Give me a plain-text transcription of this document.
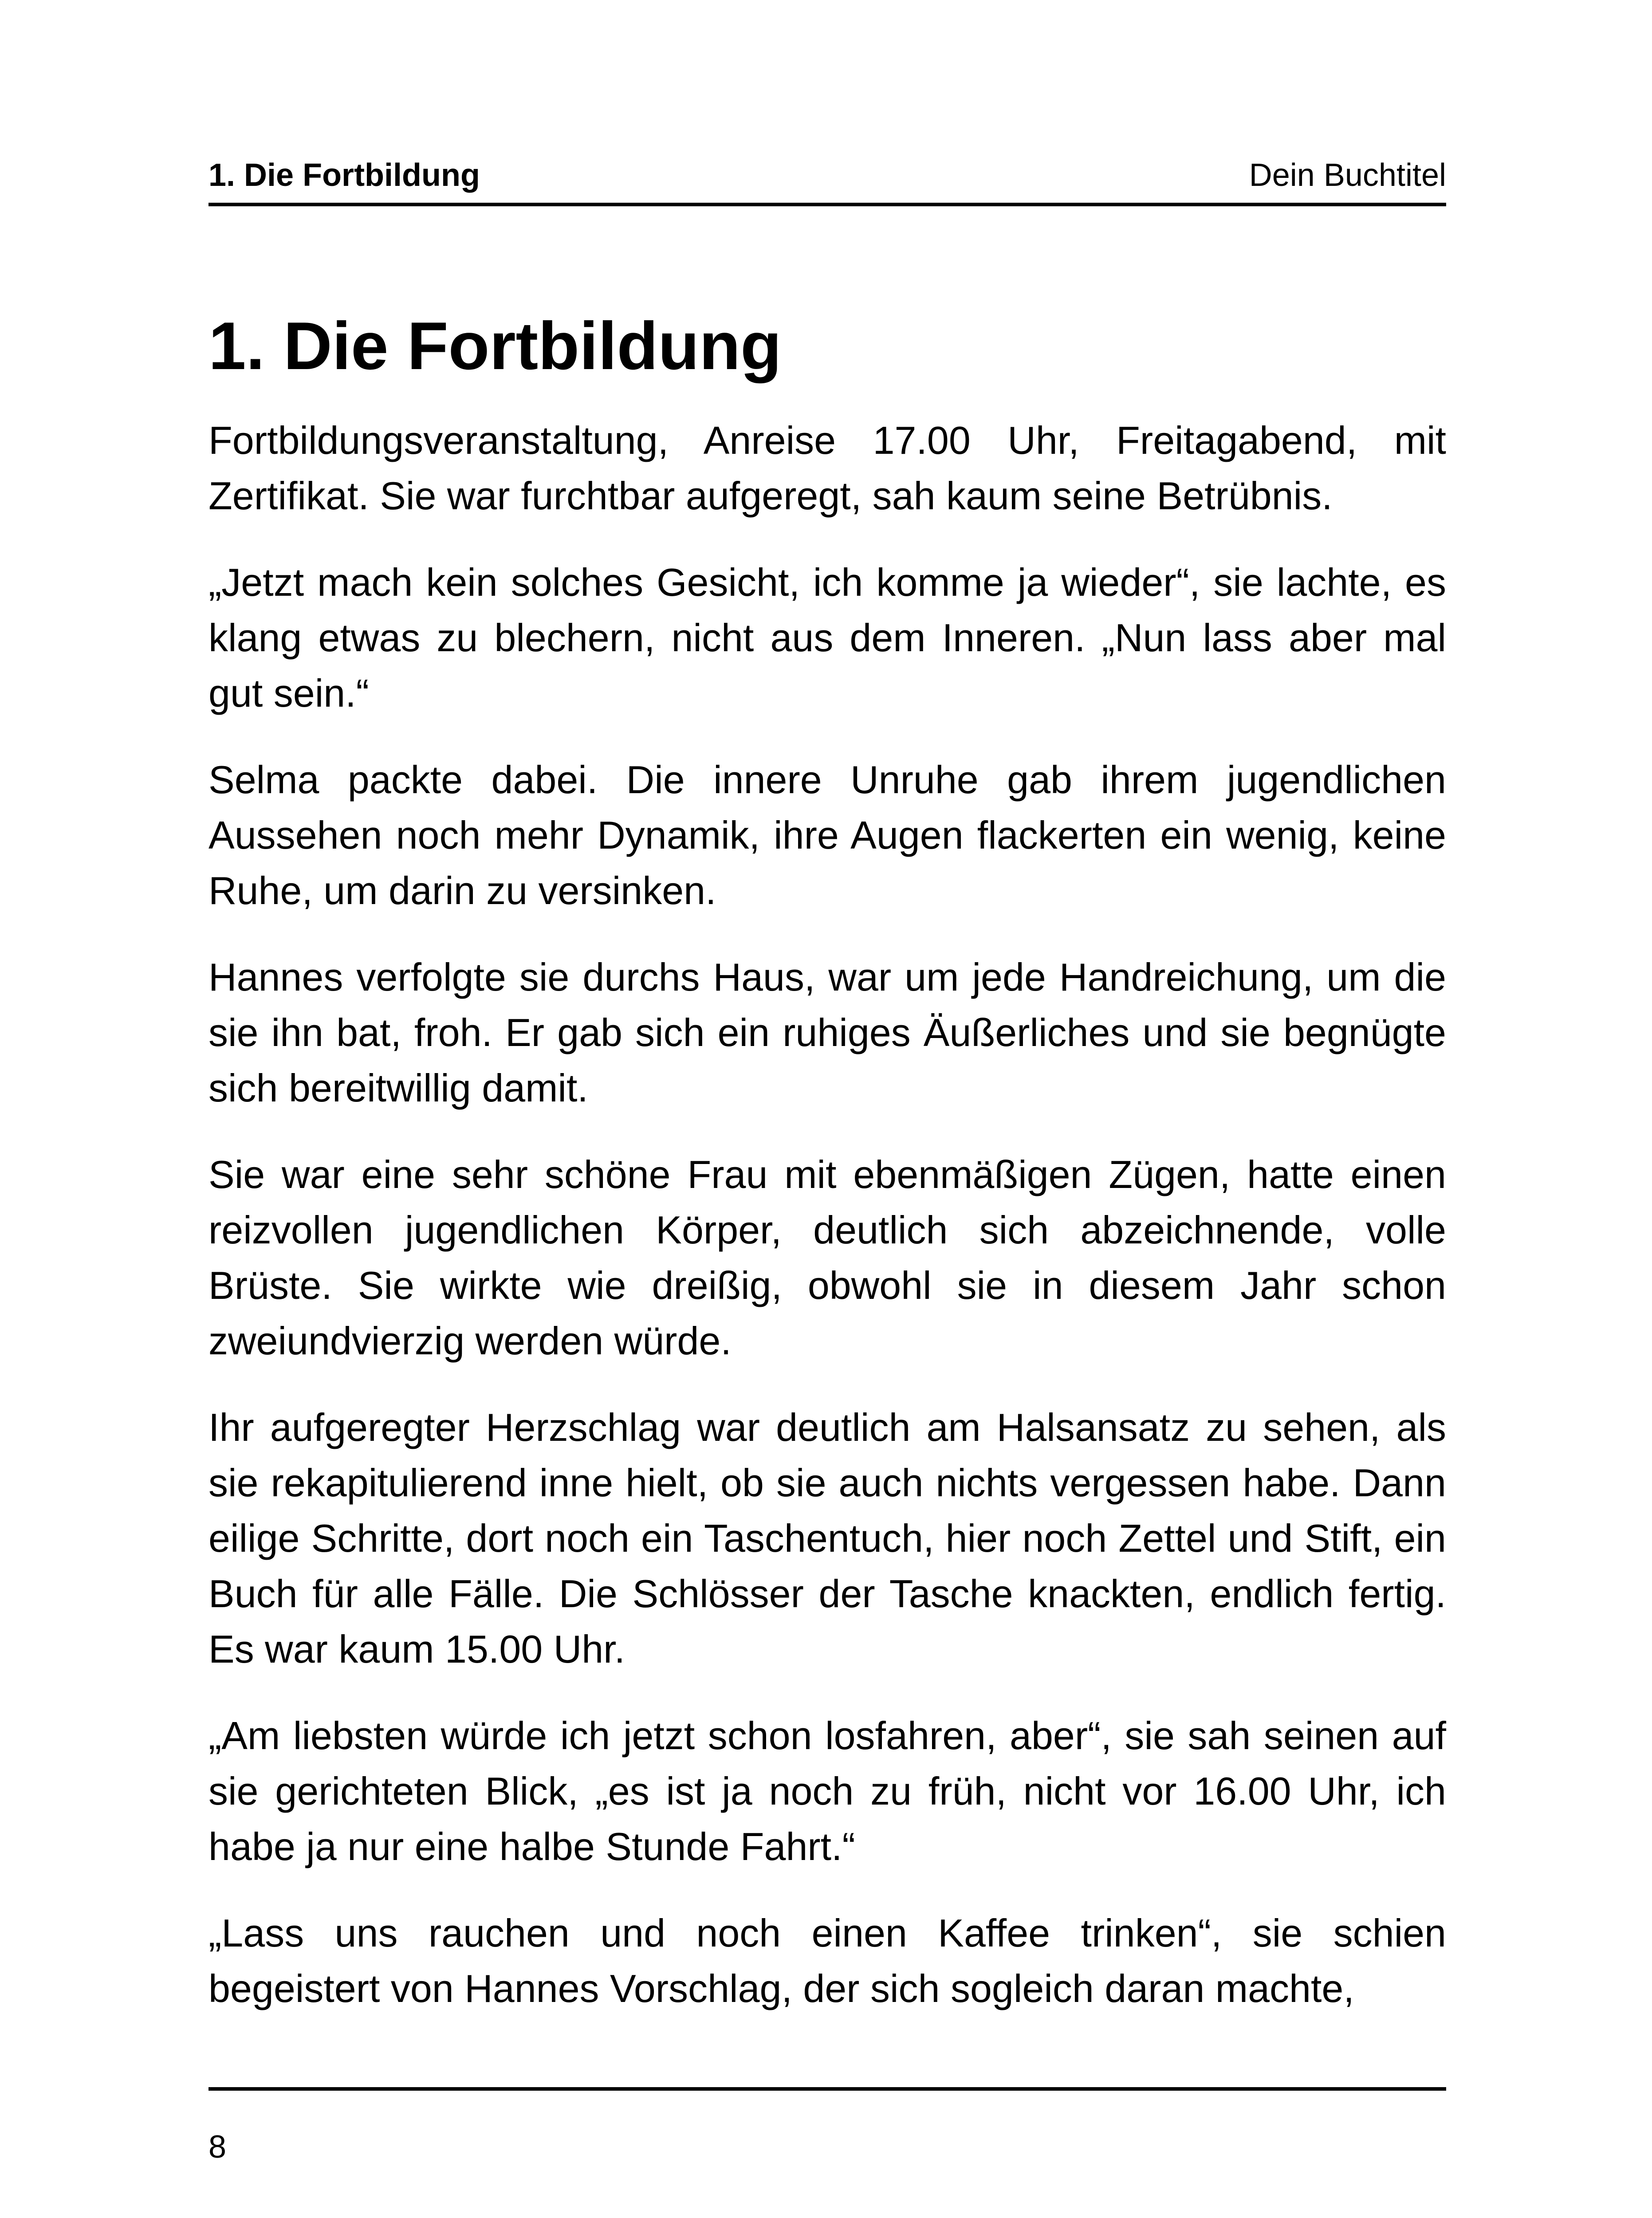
1. Die Fortbildung	Dein Buchtitel
1. Die Fortbildung

Fortbildungsveranstaltung, Anreise 17.00 Uhr, Freitagabend, mit Zertifikat. Sie war furchtbar aufgeregt, sah kaum seine Betrübnis.

„Jetzt mach kein solches Gesicht, ich komme ja wieder“, sie lachte, es klang etwas zu blechern, nicht aus dem Inneren. „Nun lass aber mal gut sein.“

Selma packte dabei. Die innere Unruhe gab ihrem jugendlichen Aussehen noch mehr Dynamik, ihre Augen flackerten ein wenig, keine Ruhe, um darin zu versinken.

Hannes verfolgte sie durchs Haus, war um jede Handreichung, um die sie ihn bat, froh. Er gab sich ein ruhiges Äußerliches und sie begnügte sich bereitwillig damit.

Sie war eine sehr schöne Frau mit ebenmäßigen Zügen, hatte einen reizvollen jugendlichen Körper, deutlich sich abzeichnende, volle Brüste. Sie wirkte wie dreißig, obwohl sie in diesem Jahr schon zweiundvierzig werden würde.

Ihr aufgeregter Herzschlag war deutlich am Halsansatz zu sehen, als sie rekapitulierend inne hielt, ob sie auch nichts vergessen habe. Dann eilige Schritte, dort noch ein Taschentuch, hier noch Zettel und Stift, ein Buch für alle Fälle. Die Schlösser der Tasche knackten, endlich fertig. Es war kaum 15.00 Uhr.

„Am liebsten würde ich jetzt schon losfahren, aber“, sie sah seinen auf sie gerichteten Blick, „es ist ja noch zu früh, nicht vor 16.00 Uhr, ich habe ja nur eine halbe Stunde Fahrt.“

„Lass uns rauchen und noch einen Kaffee trinken“, sie schien begeistert von Hannes Vorschlag, der sich sogleich daran machte,

8
